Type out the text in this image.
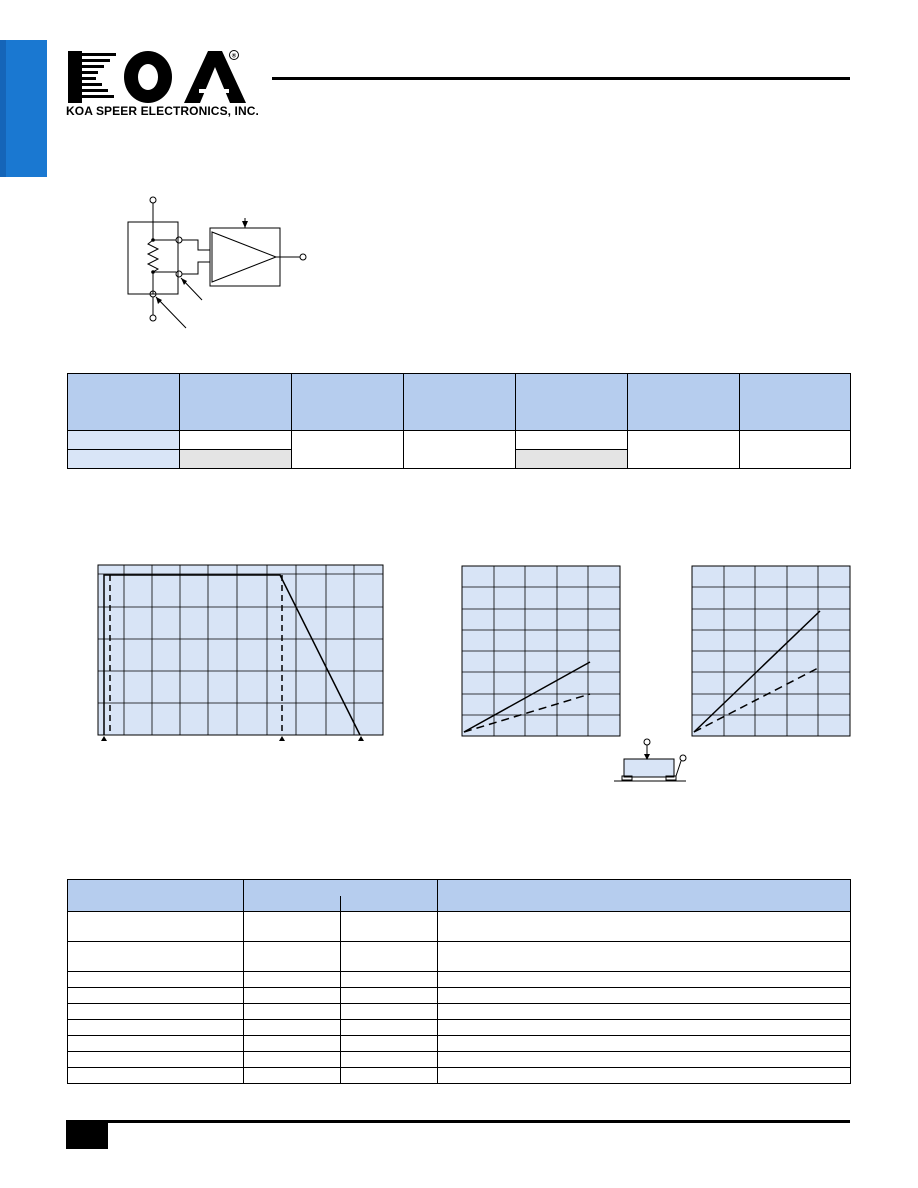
®
KOA SPEER ELECTRONICS, INC.
